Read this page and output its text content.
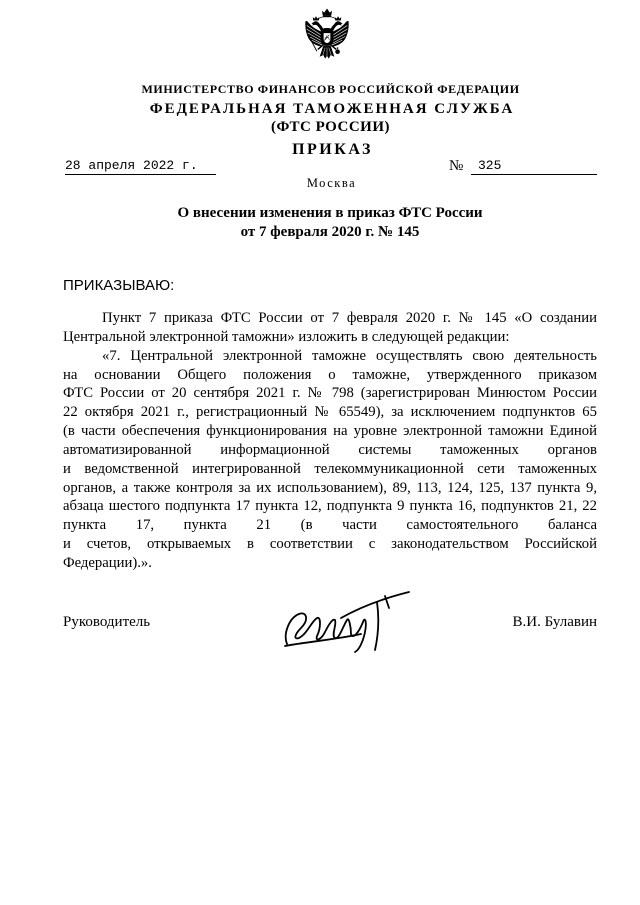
МИНИСТЕРСТВО ФИНАНСОВ РОССИЙСКОЙ ФЕДЕРАЦИИ
ФЕДЕРАЛЬНАЯ ТАМОЖЕННАЯ СЛУЖБА
(ФТС РОССИИ)
ПРИКАЗ
28 апреля 2022 г.	№ 325
Москва
О внесении изменения в приказ ФТС России
от 7 февраля 2020 г. № 145
ПРИКАЗЫВАЮ:
Пункт 7 приказа ФТС России от 7 февраля 2020 г. № 145 «О создании
Центральной электронной таможни» изложить в следующей редакции:
«7. Центральной электронной таможне осуществлять свою деятельность
на основании Общего положения о таможне, утвержденного приказом
ФТС России от 20 сентября 2021 г. № 798 (зарегистрирован Минюстом России
22 октября 2021 г., регистрационный № 65549), за исключением подпунктов 65
(в части обеспечения функционирования на уровне электронной таможни Единой
автоматизированной информационной системы таможенных органов
и ведомственной интегрированной телекоммуникационной сети таможенных
органов, а также контроля за их использованием), 89, 113, 124, 125, 137 пункта 9,
абзаца шестого подпункта 17 пункта 12, подпункта 9 пункта 16, подпунктов 21, 22
пункта 17, пункта 21 (в части самостоятельного баланса
и счетов, открываемых в соответствии с законодательством Российской
Федерации).».
Руководитель	В.И. Булавин
